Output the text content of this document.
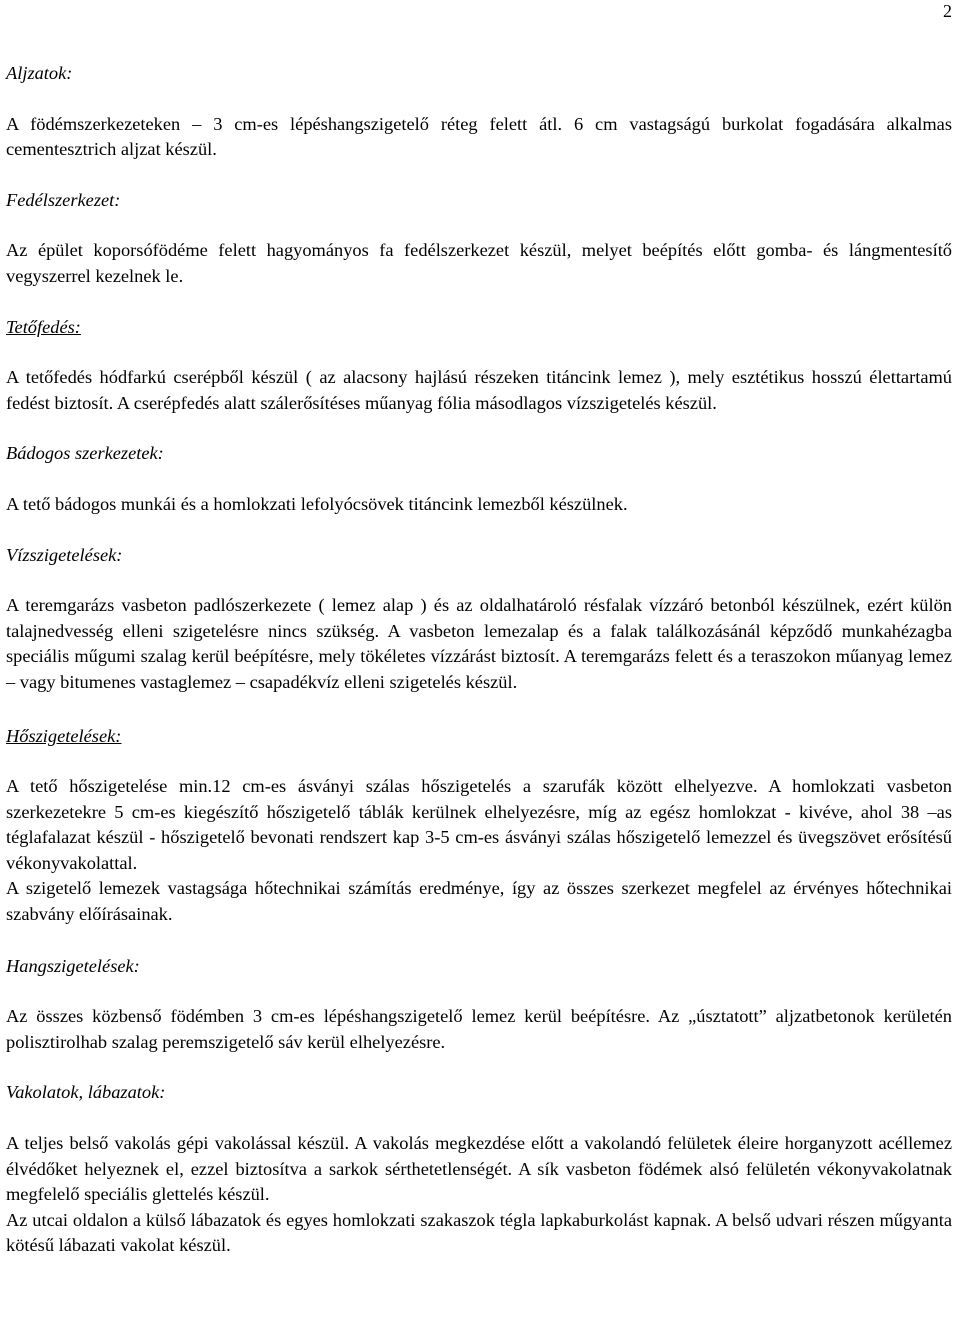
2

Aljzatok:

A födémszerkezeteken – 3 cm-es lépéshangszigetelő réteg felett átl. 6 cm vastagságú burkolat fogadására alkalmas cementesztrich aljzat készül.

Fedélszerkezet:

Az épület koporsófödéme felett hagyományos fa fedélszerkezet készül, melyet beépítés előtt gomba- és lángmentesítő vegyszerrel kezelnek le.

Tetőfedés:

A tetőfedés hódfarkú cserépből készül ( az alacsony hajlású részeken titáncink lemez ), mely esztétikus hosszú élettartamú fedést biztosít. A cserépfedés alatt szálerősítéses műanyag fólia másodlagos vízszigetelés készül.

Bádogos szerkezetek:

A tető bádogos munkái és a homlokzati lefolyócsövek titáncink lemezből készülnek.

Vízszigetelések:

A teremgarázs vasbeton padlószerkezete ( lemez alap ) és az oldalhatároló résfalak vízzáró betonból készülnek, ezért külön talajnedvesség elleni szigetelésre nincs szükség. A vasbeton lemezalap és a falak találkozásánál képződő munkahézagba speciális műgumi szalag kerül beépítésre, mely tökéletes vízzárást biztosít. A teremgarázs felett és a teraszokon műanyag lemez – vagy bitumenes vastaglemez – csapadékvíz elleni szigetelés készül.

Hőszigetelések:

A tető hőszigetelése min.12 cm-es ásványi szálas hőszigetelés a szarufák között elhelyezve. A homlokzati vasbeton szerkezetekre 5 cm-es kiegészítő hőszigetelő táblák kerülnek elhelyezésre, míg az egész homlokzat - kivéve, ahol 38 –as téglafalazat készül - hőszigetelő bevonati rendszert kap 3-5 cm-es ásványi szálas hőszigetelő lemezzel és üvegszövet erősítésű vékonyvakolattal.

A szigetelő lemezek vastagsága hőtechnikai számítás eredménye, így az összes szerkezet megfelel az érvényes hőtechnikai szabvány előírásainak.

Hangszigetelések:

Az összes közbenső födémben 3 cm-es lépéshangszigetelő lemez kerül beépítésre. Az „úsztatott” aljzatbetonok kerületén polisztirolhab szalag peremszigetelő sáv kerül elhelyezésre.

Vakolatok, lábazatok:

A teljes belső vakolás gépi vakolással készül. A vakolás megkezdése előtt a vakolandó felületek éleire horganyzott acéllemez élvédőket helyeznek el, ezzel biztosítva a sarkok sérthetetlenségét. A sík vasbeton födémek alsó felületén vékonyvakolatnak megfelelő speciális glettelés készül.

Az utcai oldalon a külső lábazatok és egyes homlokzati szakaszok tégla lapkaburkolást kapnak. A belső udvari részen műgyanta kötésű lábazati vakolat készül.
